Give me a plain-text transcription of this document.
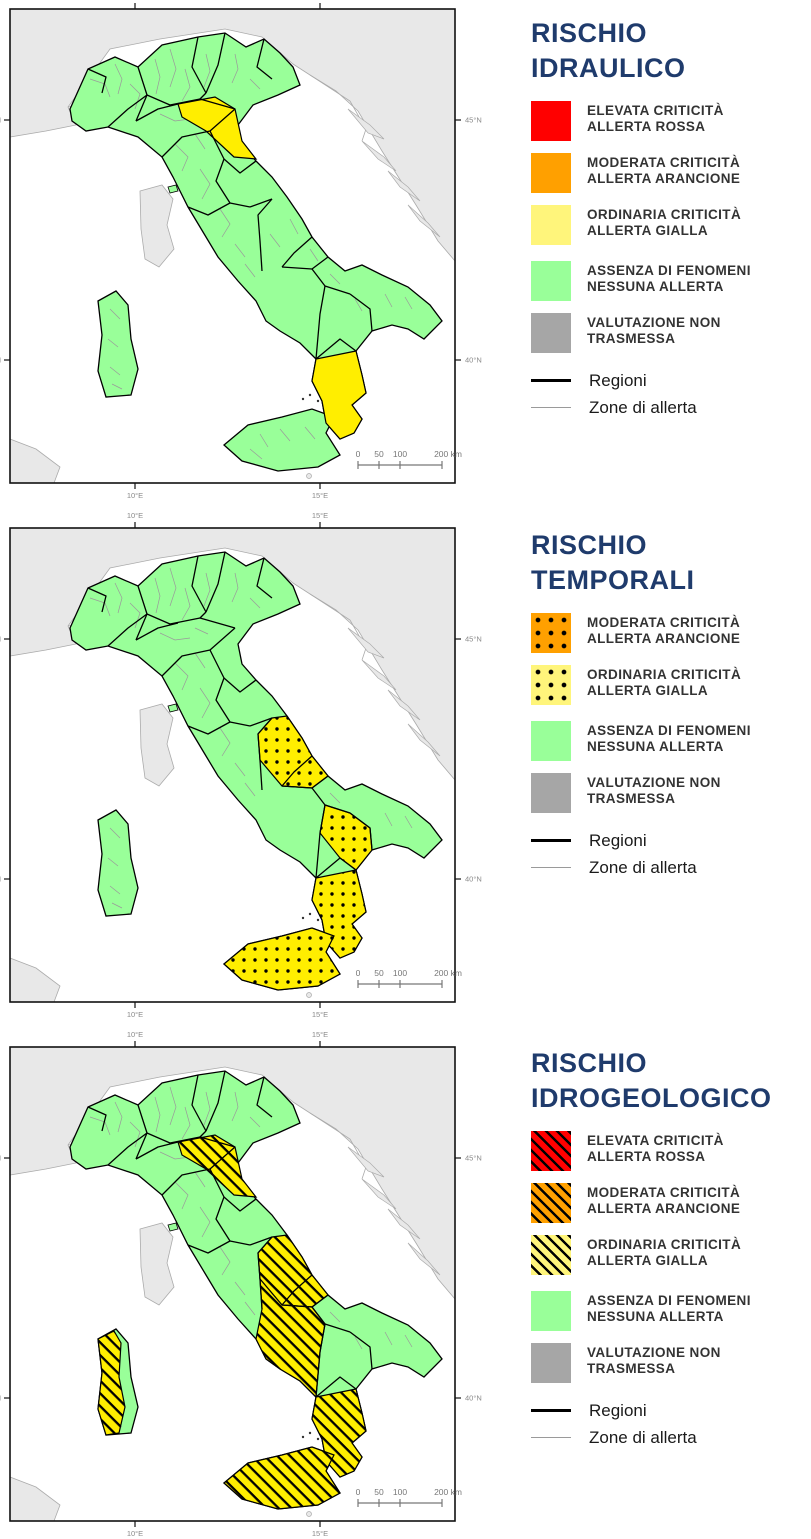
10°E	15°E
45°N
40°N
0 50 100	200 km
10°E
10°E
15°E
15°E
45°N
40°N
0 50 100	200 km
10°E
10°E
15°E
15°E
45°N
40°N
0 50 100	200 km
RISCHIO
IDRAULICO
ELEVATA CRITICITÀ
ALLERTA ROSSA
MODERATA CRITICITÀ
ALLERTA ARANCIONE
ORDINARIA CRITICITÀ
ALLERTA GIALLA
ASSENZA DI FENOMENI
NESSUNA ALLERTA
VALUTAZIONE NON
TRASMESSA
Regioni
Zone di allerta
RISCHIO
TEMPORALI
MODERATA CRITICITÀ
ALLERTA ARANCIONE
ORDINARIA CRITICITÀ
ALLERTA GIALLA
ASSENZA DI FENOMENI
NESSUNA ALLERTA
VALUTAZIONE NON
TRASMESSA
Regioni
Zone di allerta
RISCHIO
IDROGEOLOGICO
ELEVATA CRITICITÀ
ALLERTA ROSSA
MODERATA CRITICITÀ
ALLERTA ARANCIONE
ORDINARIA CRITICITÀ
ALLERTA GIALLA
ASSENZA DI FENOMENI
NESSUNA ALLERTA
VALUTAZIONE NON
TRASMESSA
Regioni
Zone di allerta
